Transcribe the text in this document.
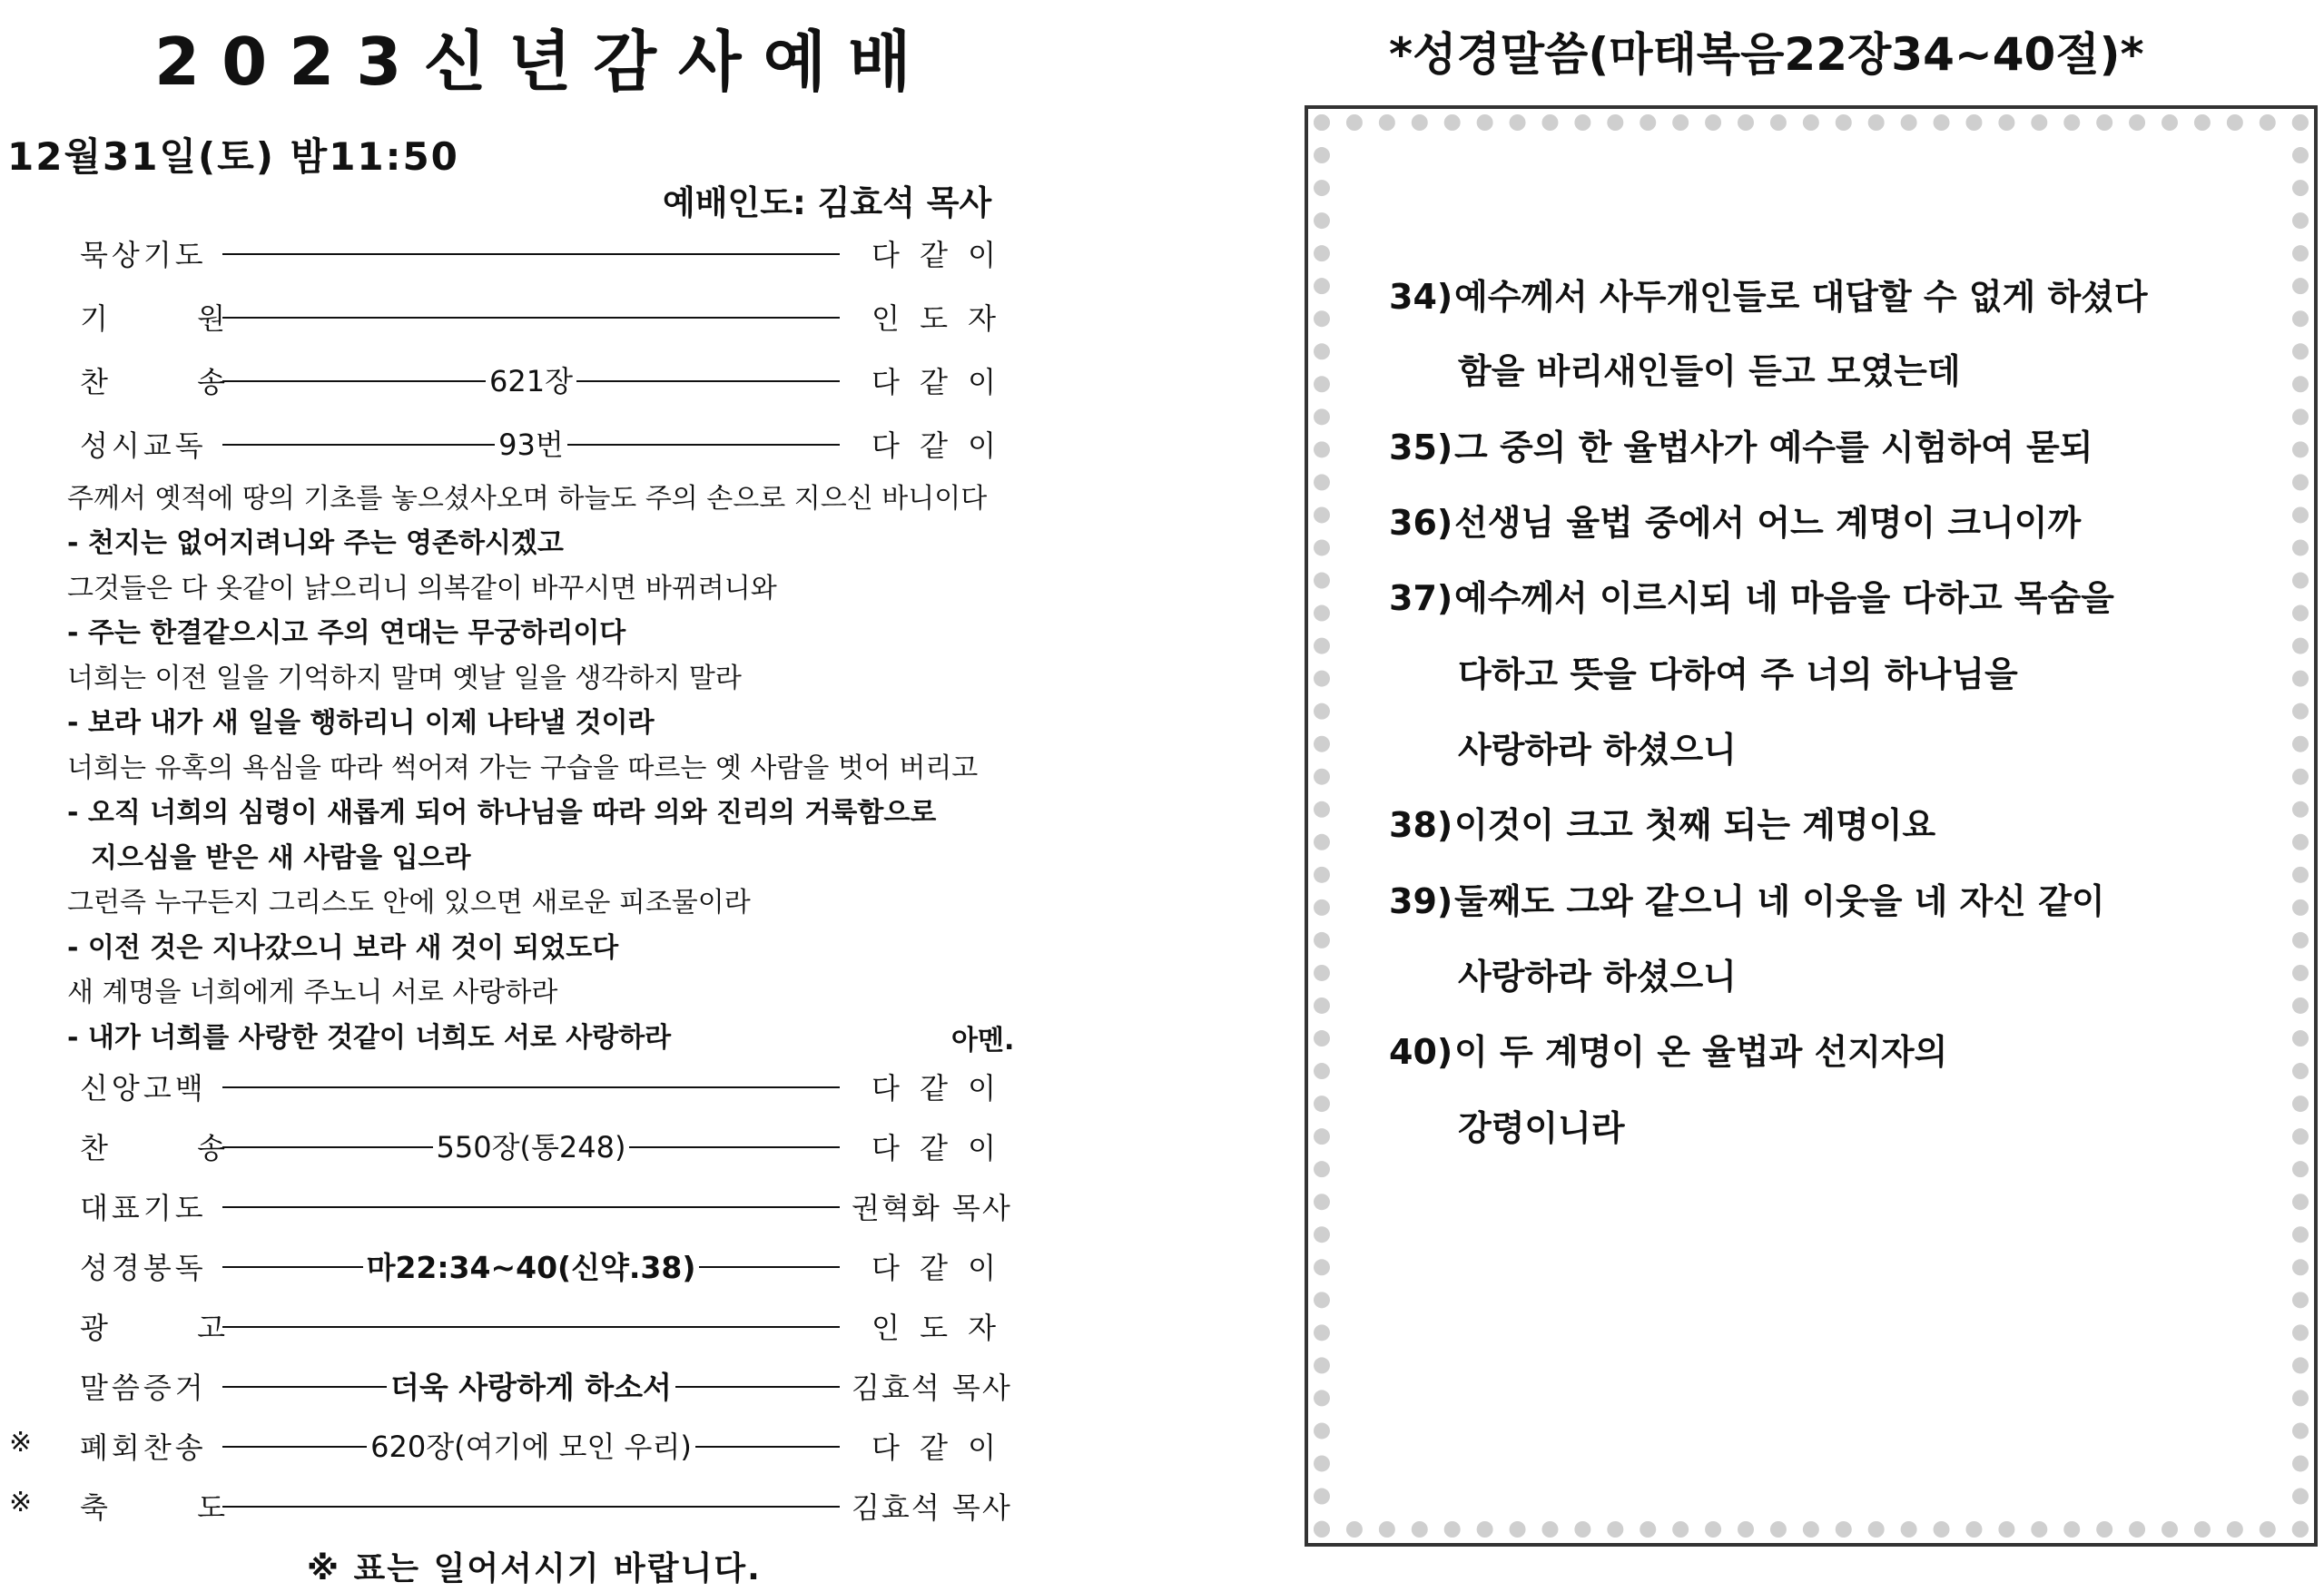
2023신년감사예배
12월31일(토) 밤11:50
예배인도: 김효석 목사
묵상기도	다 같 이
기 원	인 도 자
찬 송	621장	다 같 이
성시교독	93번	다 같 이
주께서 옛적에 땅의 기초를 놓으셨사오며 하늘도 주의 손으로 지으신 바니이다
- 천지는 없어지려니와 주는 영존하시겠고
그것들은 다 옷같이 낡으리니 의복같이 바꾸시면 바뀌려니와
- 주는 한결같으시고 주의 연대는 무궁하리이다
너희는 이전 일을 기억하지 말며 옛날 일을 생각하지 말라
- 보라 내가 새 일을 행하리니 이제 나타낼 것이라
너희는 유혹의 욕심을 따라 썩어져 가는 구습을 따르는 옛 사람을 벗어 버리고
- 오직 너희의 심령이 새롭게 되어 하나님을 따라 의와 진리의 거룩함으로
지으심을 받은 새 사람을 입으라
그런즉 누구든지 그리스도 안에 있으면 새로운 피조물이라
- 이전 것은 지나갔으니 보라 새 것이 되었도다
새 계명을 너희에게 주노니 서로 사랑하라
- 내가 너희를 사랑한 것같이 너희도 서로 사랑하라	아멘.
신앙고백	다 같 이
찬 송	550장(통248)	다 같 이
대표기도	권혁화 목사
성경봉독	마22:34~40(신약.38)	다 같 이
광 고	인 도 자
말씀증거	더욱 사랑하게 하소서	김효석 목사
※ 폐회찬송	620장(여기에 모인 우리)	다 같 이
※ 축 도	김효석 목사
※ 표는 일어서시기 바랍니다.
*성경말씀(마태복음22장34~40절)*
34)예수께서 사두개인들로 대답할 수 없게 하셨다
함을 바리새인들이 듣고 모였는데
35)그 중의 한 율법사가 예수를 시험하여 묻되
36)선생님 율법 중에서 어느 계명이 크니이까
37)예수께서 이르시되 네 마음을 다하고 목숨을
다하고 뜻을 다하여 주 너의 하나님을
사랑하라 하셨으니
38)이것이 크고 첫째 되는 계명이요
39)둘째도 그와 같으니 네 이웃을 네 자신 같이
사랑하라 하셨으니
40)이 두 계명이 온 율법과 선지자의
강령이니라
